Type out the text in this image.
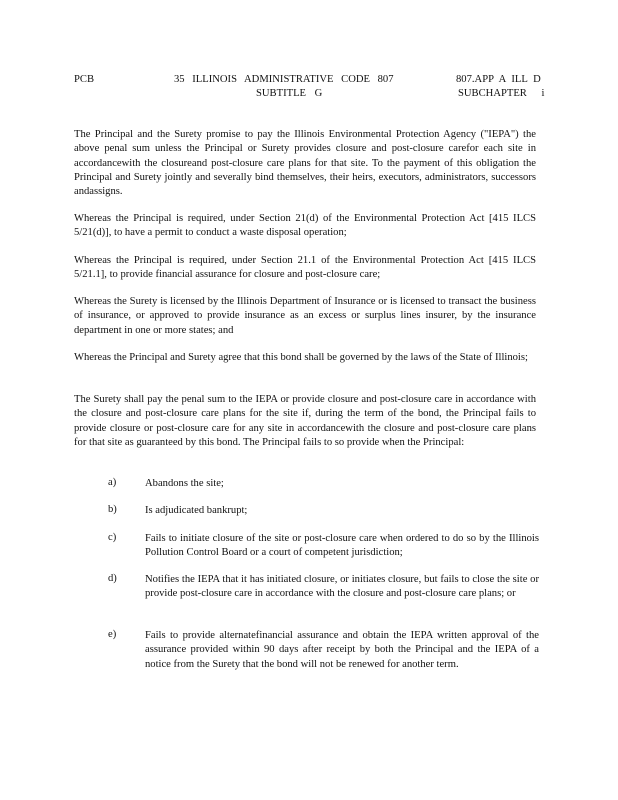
PCB	35 ILLINOIS ADMINISTRATIVE CODE 807
SUBTITLE G
807.APP A ILL D
SUBCHAPTER i

The Principal and the Surety promise to pay the Illinois Environmental Protection Agency ("IEPA") the above penal sum unless the Principal or Surety provides closure and post-closure carefor each site in accordancewith the closureand post-closure care plans for that site. To the payment of this obligation the Principal and Surety jointly and severally bind themselves, their heirs, executors, administrators, successors andassigns.

Whereas the Principal is required, under Section 21(d) of the Environmental Protection Act [415 ILCS 5/21(d)], to have a permit to conduct a waste disposal operation;

Whereas the Principal is required, under Section 21.1 of the Environmental Protection Act [415 ILCS 5/21.1], to provide financial assurance for closure and post-closure care;

Whereas the Surety is licensed by the Illinois Department of Insurance or is licensed to transact the business of insurance, or approved to provide insurance as an excess or surplus lines insurer, by the insurance department in one or more states; and

Whereas the Principal and Surety agree that this bond shall be governed by the laws of the State of Illinois;

The Surety shall pay the penal sum to the IEPA or provide closure and post-closure care in accordance with the closure and post-closure care plans for the site if, during the term of the bond, the Principal fails to provide closure or post-closure care for any site in accordancewith the closure and post-closure care plans for that site as guaranteed by this bond. The Principal fails to so provide when the Principal:

a)	Abandons the site;

b)	Is adjudicated bankrupt;

c)	Fails to initiate closure of the site or post-closure care when ordered to do so by the Illinois Pollution Control Board or a court of competent jurisdiction;

d)	Notifies the IEPA that it has initiated closure, or initiates closure, but fails to close the site or provide post-closure care in accordance with the closure and post-closure care plans; or

e)	Fails to provide alternatefinancial assurance and obtain the IEPA written approval of the assurance provided within 90 days after receipt by both the Principal and the IEPA of a notice from the Surety that the bond will not be renewed for another term.
